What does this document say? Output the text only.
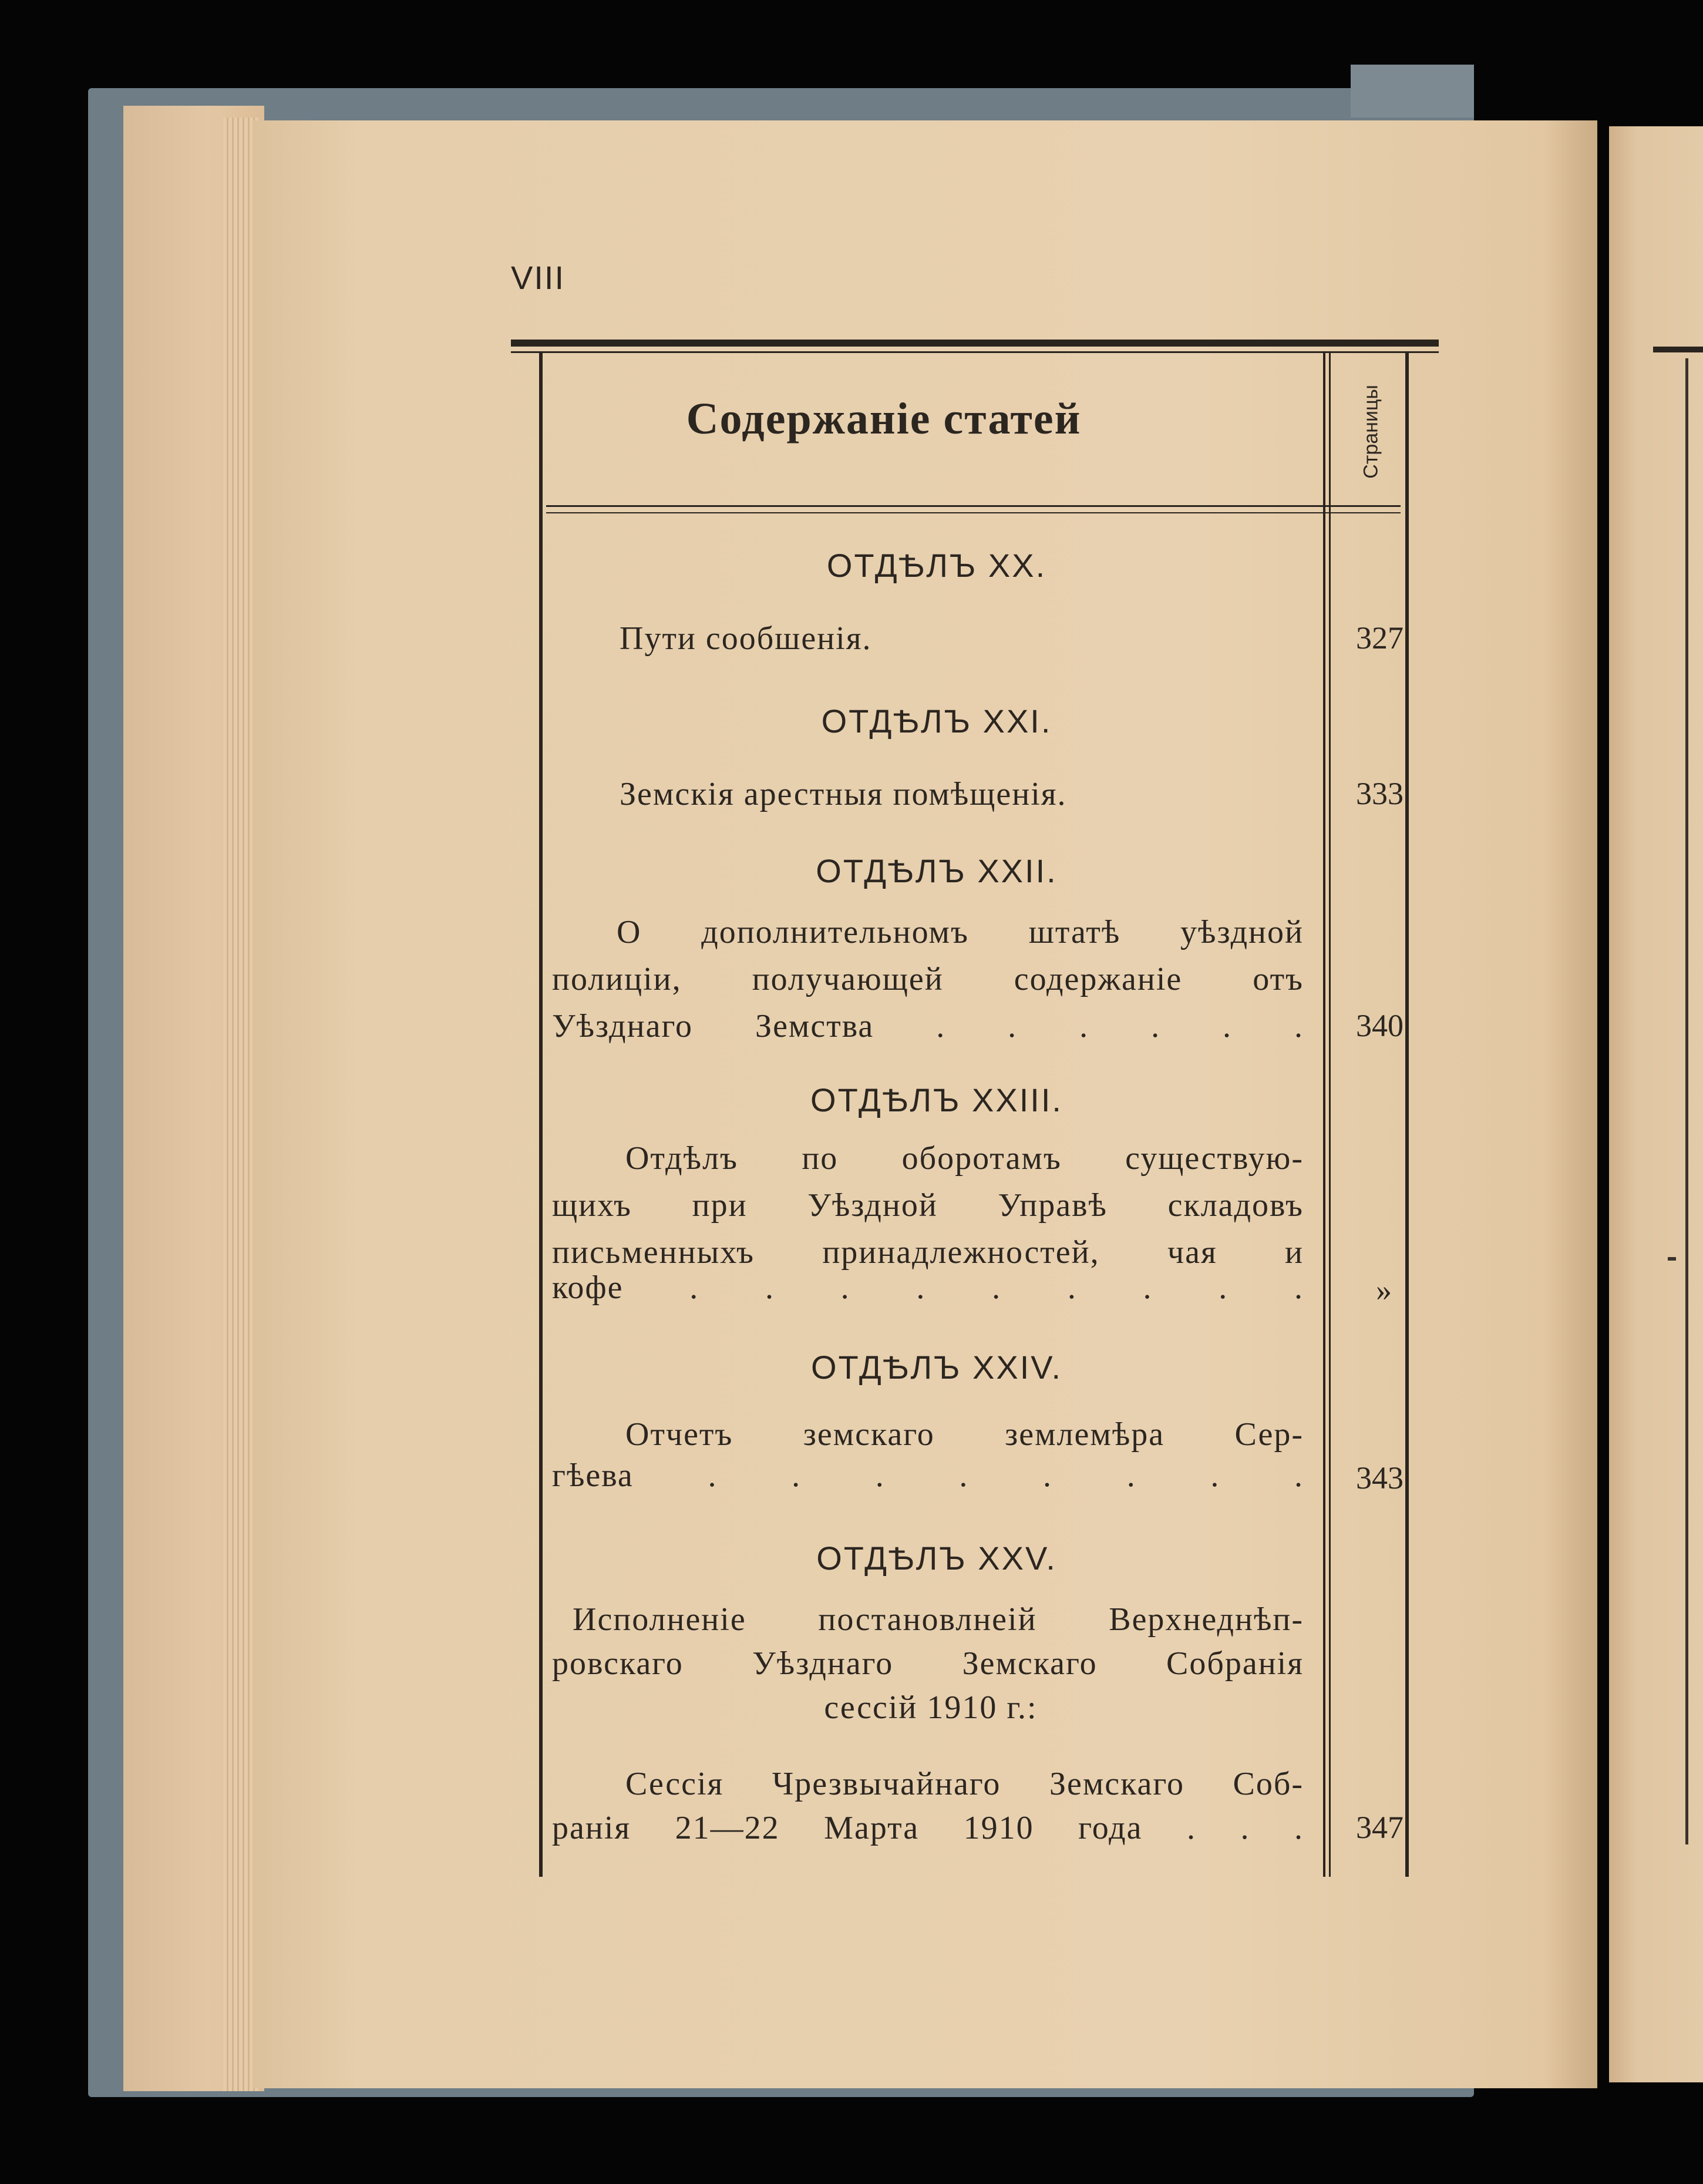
VIII
Содержаніе статей	Страницы
ОТДѢЛЪ XX.
Пути сообшенія.	327
ОТДѢЛЪ XXI.
Земскія арестныя помѣщенія.	333
ОТДѢЛЪ XXII.
О дополнительномъ штатѣ уѣздной
полиціи, получающей содержаніе отъ
Уѣзднаго Земства . . . . . .	340
ОТДѢЛЪ XXIII.
Отдѣлъ по оборотамъ существую-
щихъ при Уѣздной Управѣ складовъ
письменныхъ принадлежностей, чая и
кофе . . . . . . . . .	»
ОТДѢЛЪ XXIV.
Отчетъ земскаго землемѣра Сер-
гѣева . . . . . . . .	343
ОТДѢЛЪ XXV.
Исполненіе постановлнеій Верхнеднѣп-
ровскаго Уѣзднаго Земскаго Собранія
сессій 1910 г.:
Сессія Чрезвычайнаго Земскаго Соб-
ранія 21—22 Марта 1910 года . . .	347
